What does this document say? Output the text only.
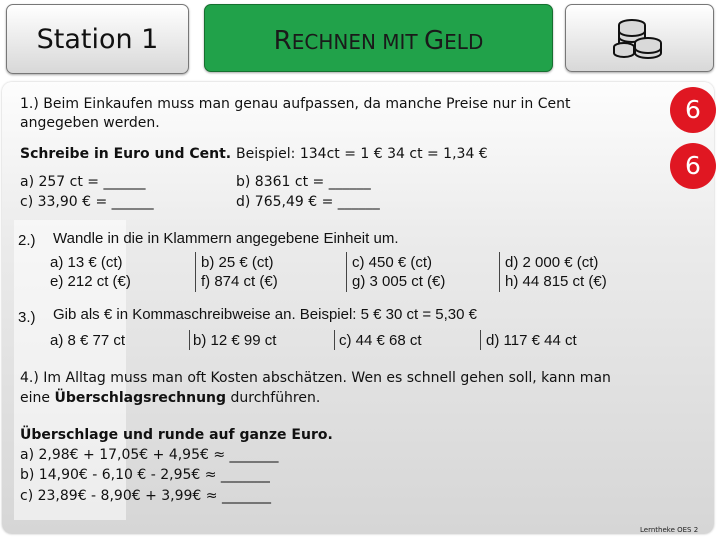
Station 1	RECHNEN MIT GELD
6
6
1.) Beim Einkaufen muss man genau aufpassen, da manche Preise nur in Cent
angegeben werden.
Schreibe in Euro und Cent. Beispiel: 134ct = 1 € 34 ct = 1,34 €
a) 257 ct = ______	b) 8361 ct = ______
c) 33,90 € = ______	d) 765,49 € = ______
2.) Wandle in die in Klammern angegebene Einheit um.
a) 13 € (ct)	b) 25 € (ct)	c) 450 € (ct)	d) 2 000 € (ct)
e) 212 ct (€)	f) 874 ct (€)	g) 3 005 ct (€)	h) 44 815 ct (€)
3.) Gib als € in Kommaschreibweise an. Beispiel: 5 € 30 ct = 5,30 €
a) 8 € 77 ct	b) 12 € 99 ct	c) 44 € 68 ct	d) 117 € 44 ct
4.) Im Alltag muss man oft Kosten abschätzen. Wen es schnell gehen soll, kann man
eine Überschlagsrechnung durchführen.
Überschlage und runde auf ganze Euro.
a) 2,98€ + 17,05€ + 4,95€ ≈ _______
b) 14,90€ - 6,10 € - 2,95€ ≈ _______
c) 23,89€ - 8,90€ + 3,99€ ≈ _______
Lerntheke OES 2
